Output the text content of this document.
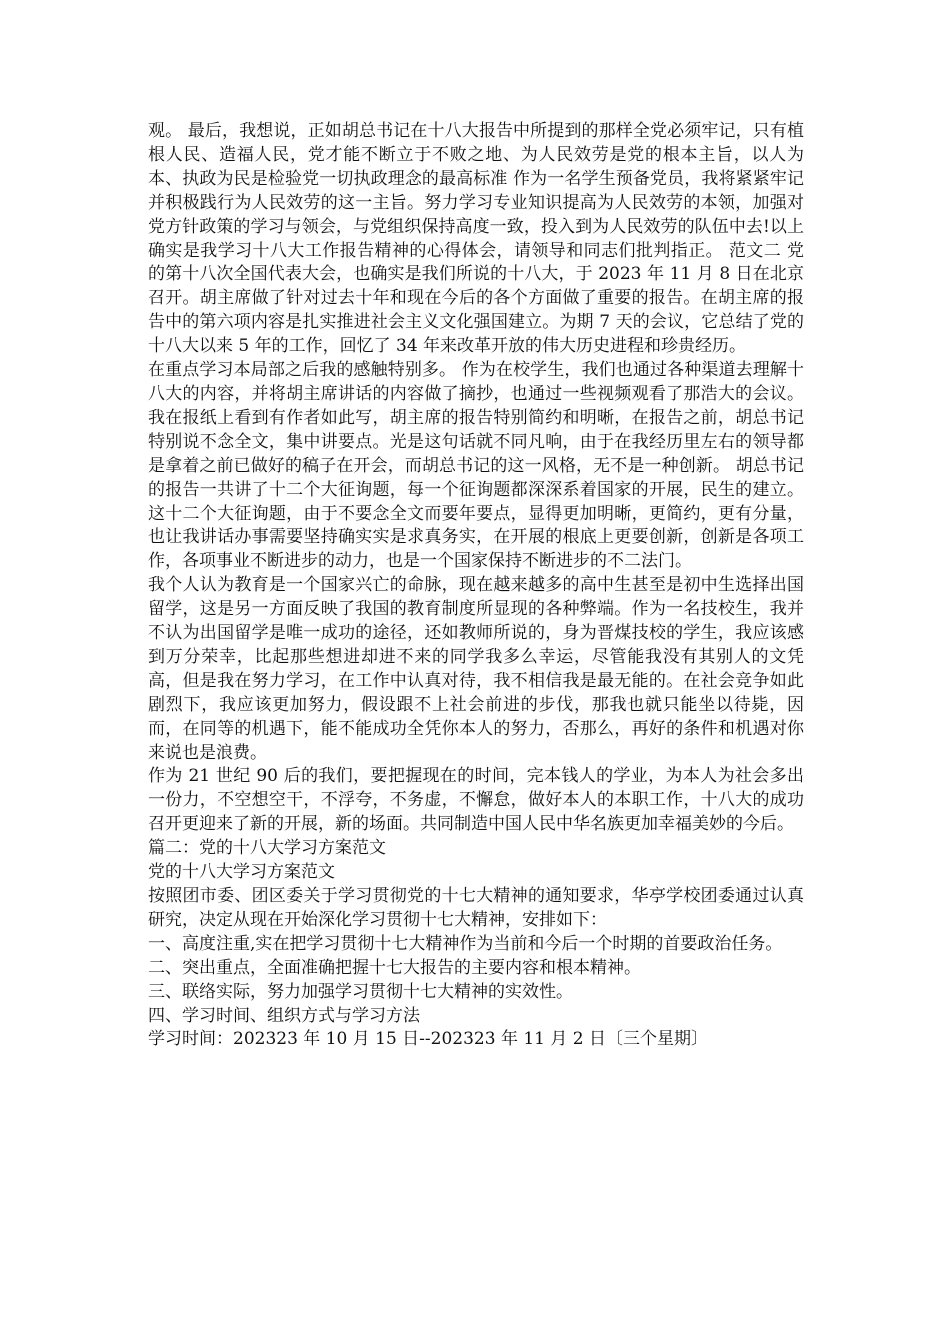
观。 最后，我想说，正如胡总书记在十八大报告中所提到的那样全党必须牢记，只有植根人民、造福人民，党才能不断立于不败之地、为人民效劳是党的根本主旨，以人为本、执政为民是检验党一切执政理念的最高标准 作为一名学生预备党员，我将紧紧牢记并积极践行为人民效劳的这一主旨。努力学习专业知识提高为人民效劳的本领，加强对党方针政策的学习与领会，与党组织保持高度一致，投入到为人民效劳的队伍中去!以上确实是我学习十八大工作报告精神的心得体会，请领导和同志们批判指正。 范文二 党的第十八次全国代表大会，也确实是我们所说的十八大，于 2023 年 11 月 8 日在北京召开。胡主席做了针对过去十年和现在今后的各个方面做了重要的报告。在胡主席的报告中的第六项内容是扎实推进社会主义文化强国建立。为期 7 天的会议，它总结了党的十八大以来 5 年的工作，回忆了 34 年来改革开放的伟大历史进程和珍贵经历。

在重点学习本局部之后我的感触特别多。 作为在校学生，我们也通过各种渠道去理解十八大的内容，并将胡主席讲话的内容做了摘抄，也通过一些视频观看了那浩大的会议。我在报纸上看到有作者如此写，胡主席的报告特别简约和明晰，在报告之前，胡总书记特别说不念全文，集中讲要点。光是这句话就不同凡响，由于在我经历里左右的领导都是拿着之前已做好的稿子在开会，而胡总书记的这一风格，无不是一种创新。 胡总书记的报告一共讲了十二个大征询题，每一个征询题都深深系着国家的开展，民生的建立。这十二个大征询题，由于不要念全文而要年要点，显得更加明晰，更简约，更有分量，也让我讲话办事需要坚持确实实是求真务实，在开展的根底上更要创新，创新是各项工作，各项事业不断进步的动力，也是一个国家保持不断进步的不二法门。

我个人认为教育是一个国家兴亡的命脉，现在越来越多的高中生甚至是初中生选择出国留学，这是另一方面反映了我国的教育制度所显现的各种弊端。作为一名技校生，我并不认为出国留学是唯一成功的途径，还如教师所说的，身为晋煤技校的学生，我应该感到万分荣幸，比起那些想进却进不来的同学我多么幸运，尽管能我没有其别人的文凭高，但是我在努力学习，在工作中认真对待，我不相信我是最无能的。在社会竞争如此剧烈下，我应该更加努力，假设跟不上社会前进的步伐，那我也就只能坐以待毙，因而，在同等的机遇下，能不能成功全凭你本人的努力，否那么，再好的条件和机遇对你来说也是浪费。

作为 21 世纪 90 后的我们，要把握现在的时间，完本钱人的学业，为本人为社会多出一份力，不空想空干，不浮夸，不务虚，不懈怠，做好本人的本职工作，十八大的成功召开更迎来了新的开展，新的场面。共同制造中国人民中华名族更加幸福美妙的今后。

篇二：党的十八大学习方案范文

党的十八大学习方案范文

按照团市委、团区委关于学习贯彻党的十七大精神的通知要求，华亭学校团委通过认真研究，决定从现在开始深化学习贯彻十七大精神，安排如下：

一、高度注重,实在把学习贯彻十七大精神作为当前和今后一个时期的首要政治任务。

二、突出重点，全面准确把握十七大报告的主要内容和根本精神。

三、联络实际，努力加强学习贯彻十七大精神的实效性。

四、学习时间、组织方式与学习方法

学习时间：202323 年 10 月 15 日--202323 年 11 月 2 日〔三个星期〕
